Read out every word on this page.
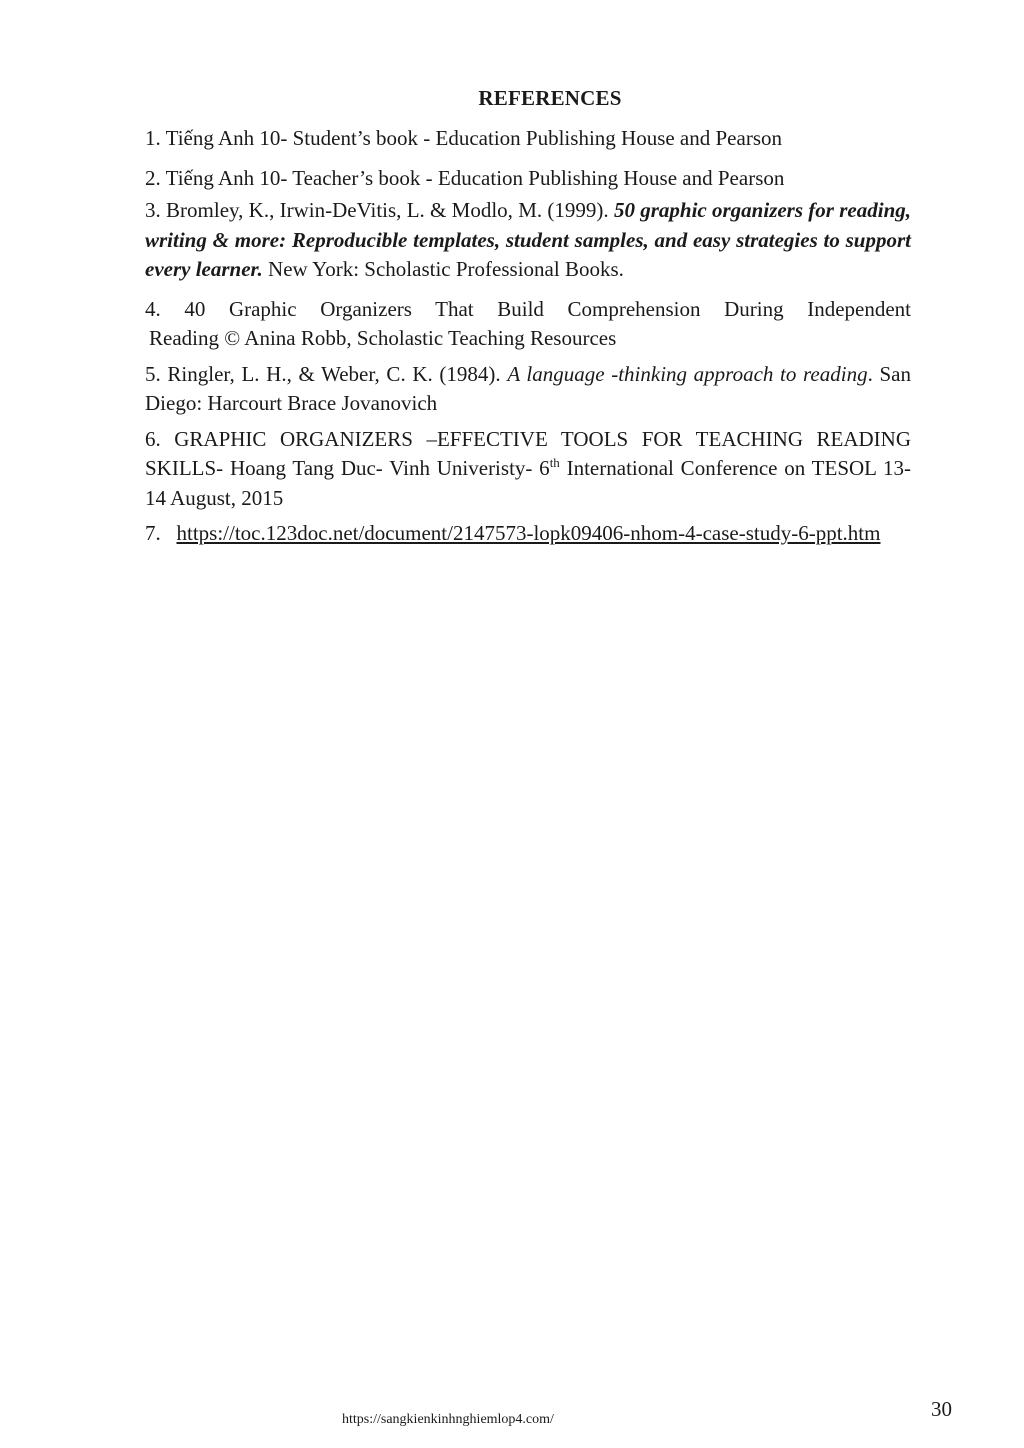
REFERENCES

1. Tiếng Anh 10- Student’s book - Education Publishing House and Pearson

2. Tiếng Anh 10- Teacher’s book - Education Publishing House and Pearson

3. Bromley, K., Irwin-DeVitis, L. & Modlo, M. (1999). 50 graphic organizers for reading, writing & more: Reproducible templates, student samples, and easy strategies to support every learner. New York: Scholastic Professional Books.

4. 40 Graphic Organizers That Build Comprehension During Independent
Reading © Anina Robb, Scholastic Teaching Resources

5. Ringler, L. H., & Weber, C. K. (1984). A language -thinking approach to reading. San Diego: Harcourt Brace Jovanovich

6. GRAPHIC ORGANIZERS –EFFECTIVE TOOLS FOR TEACHING READING SKILLS- Hoang Tang Duc- Vinh Univeristy- 6th International Conference on TESOL 13-14 August, 2015

7. https://toc.123doc.net/document/2147573-lopk09406-nhom-4-case-study-6-ppt.htm

https://sangkienkinhnghiemlop4.com/	30
